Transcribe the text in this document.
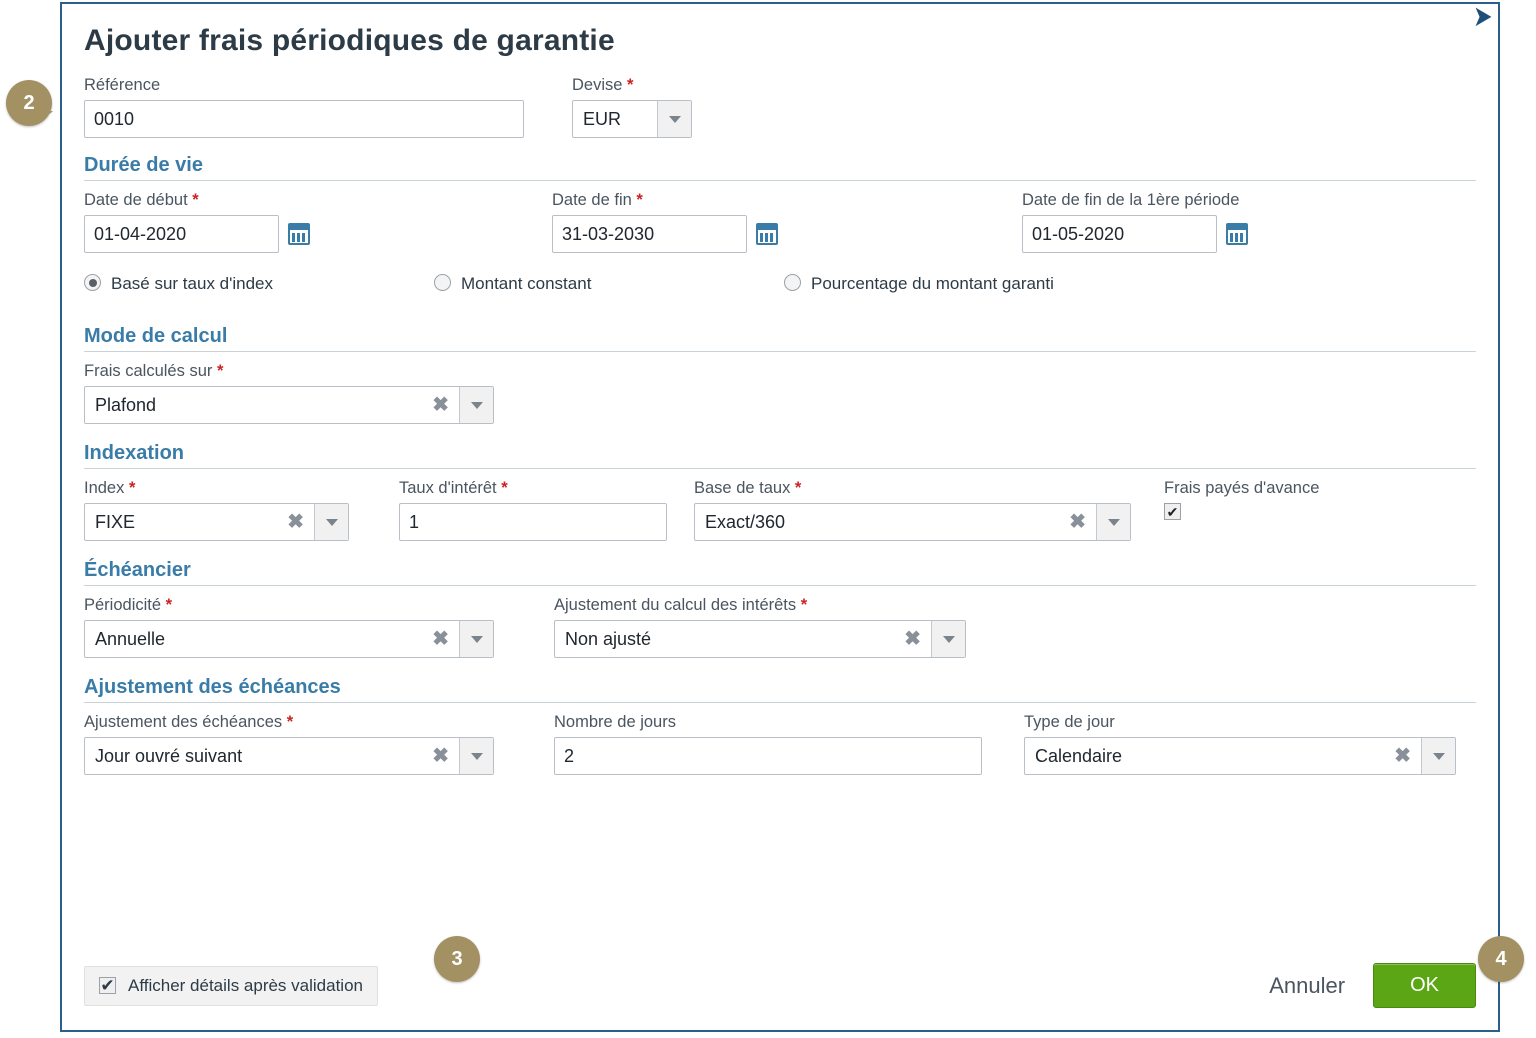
➤
Ajouter frais périodiques de garantie
Référence
0010
Devise *
EUR
Durée de vie
Date de début *
01-04-2020
Date de fin *
31-03-2030
Date de fin de la 1ère période
01-05-2020
Basé sur taux d'index	Montant constant	Pourcentage du montant garanti
Mode de calcul
Frais calculés sur *
Plafond	✖
Indexation
Index *
FIXE	✖
Taux d'intérêt *
1
Base de taux *
Exact/360	✖
Frais payés d'avance
✔
Échéancier
Périodicité *
Annuelle	✖
Ajustement du calcul des intérêts *
Non ajusté	✖
Ajustement des échéances
Ajustement des échéances *
Jour ouvré suivant	✖
Nombre de jours
2
Type de jour
Calendaire	✖
✔ Afficher détails après validation	Annuler	OK
2
3	4
